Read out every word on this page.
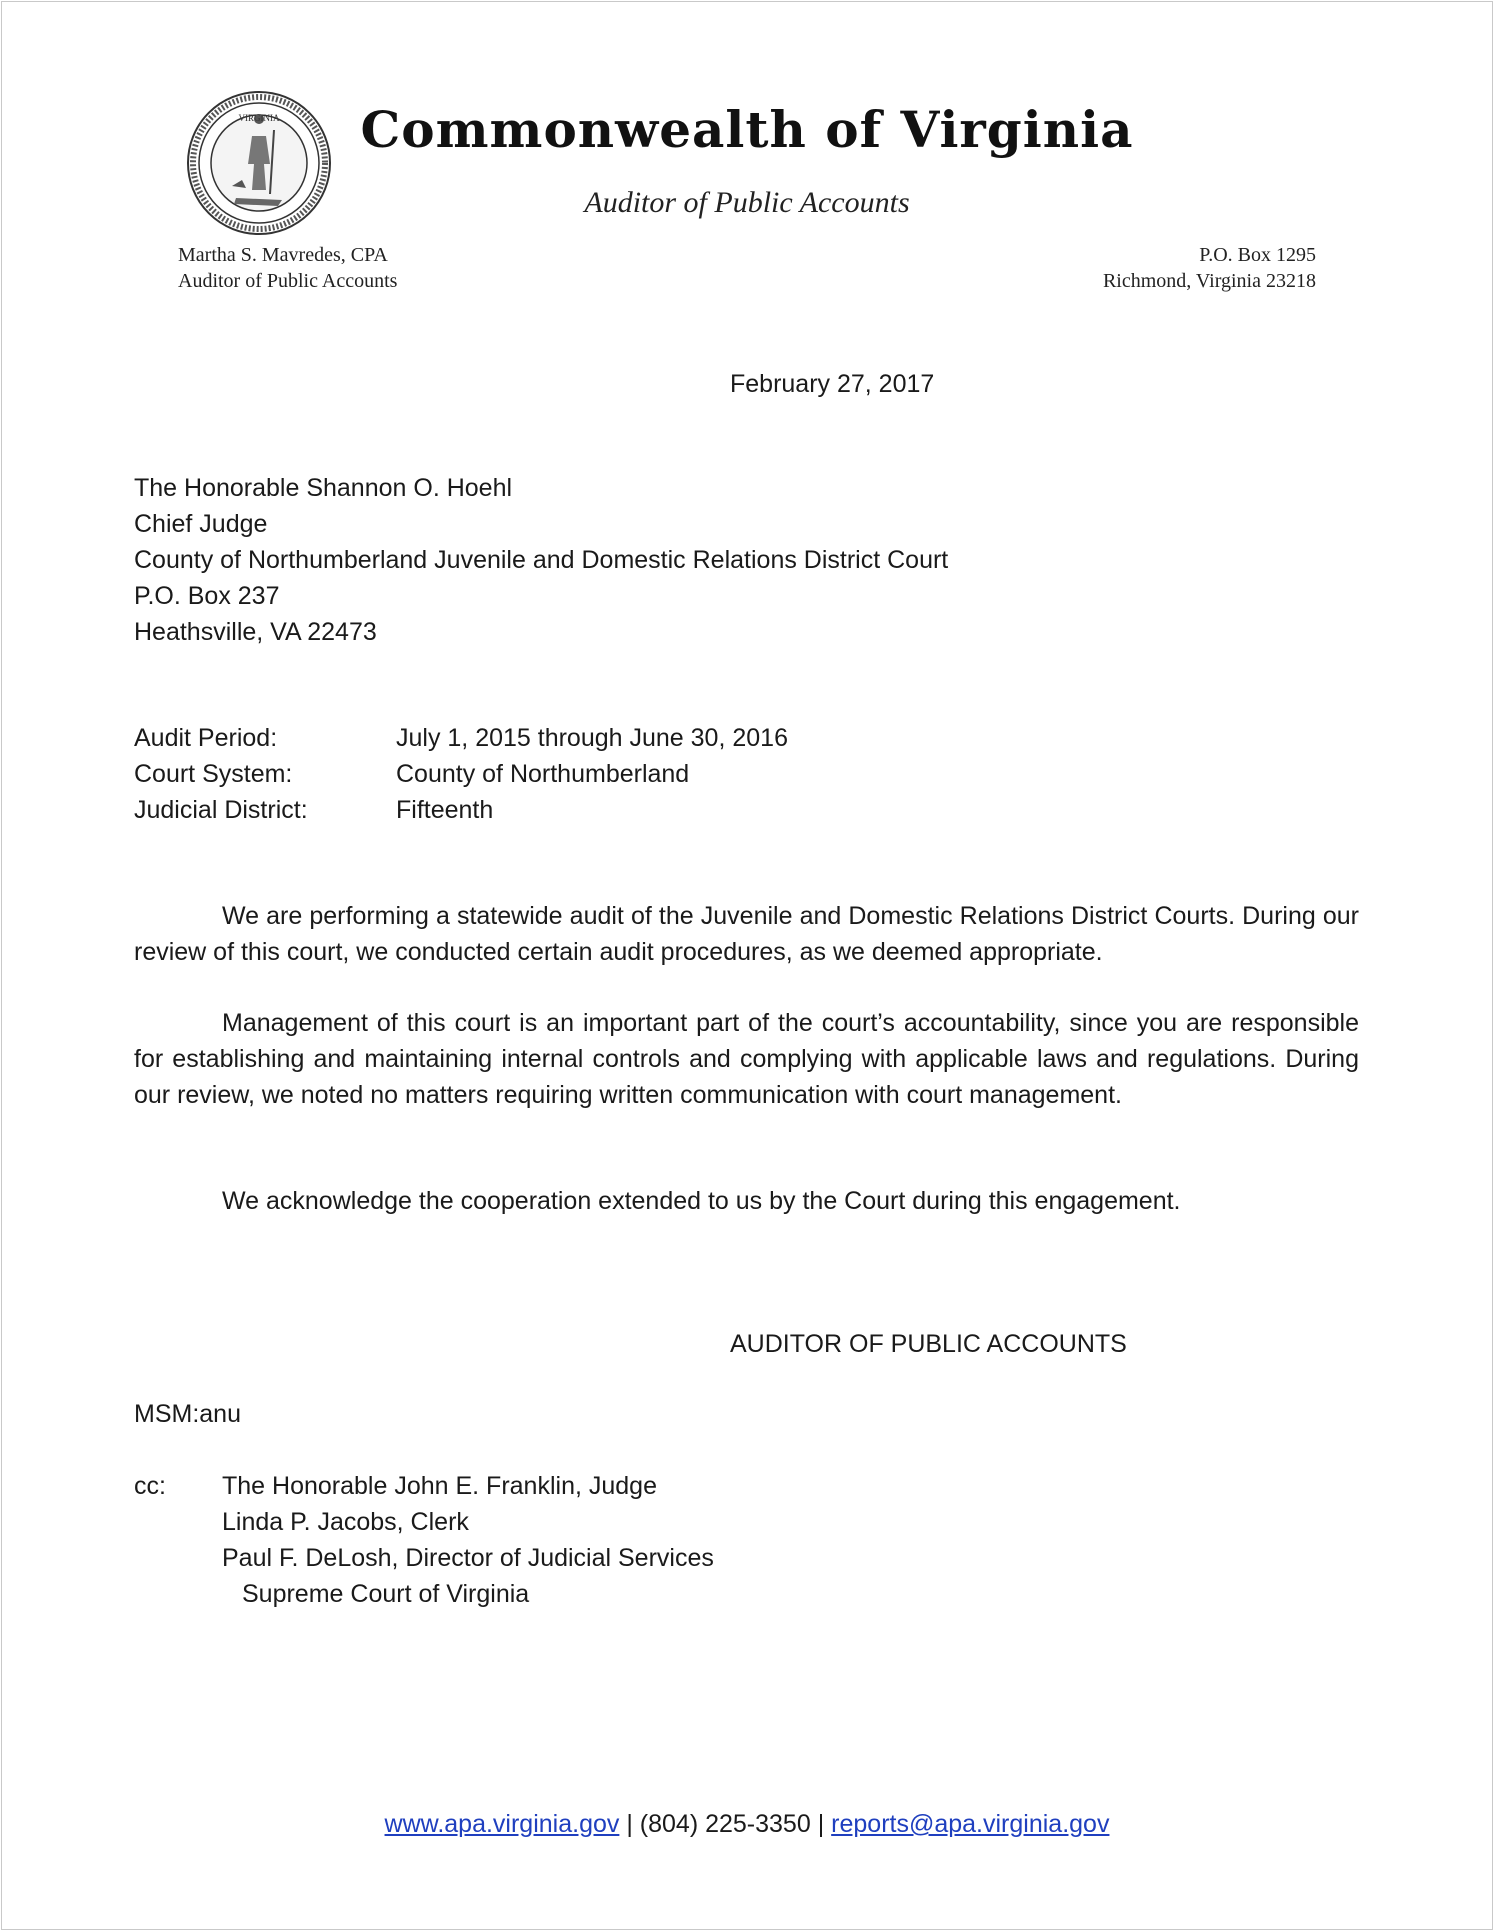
VIRGINIA	Commonwealth of Virginia
Auditor of Public Accounts
Martha S. Mavredes, CPA
Auditor of Public Accounts
P.O. Box 1295
Richmond, Virginia 23218
February 27, 2017
The Honorable Shannon O. Hoehl
Chief Judge
County of Northumberland Juvenile and Domestic Relations District Court
P.O. Box 237
Heathsville, VA 22473
Audit Period:	July 1, 2015 through June 30, 2016
Court System:	County of Northumberland
Judicial District:	Fifteenth

We are performing a statewide audit of the Juvenile and Domestic Relations District Courts. During our review of this court, we conducted certain audit procedures, as we deemed appropriate.

Management of this court is an important part of the court’s accountability, since you are responsible for establishing and maintaining internal controls and complying with applicable laws and regulations. During our review, we noted no matters requiring written communication with court management.

We acknowledge the cooperation extended to us by the Court during this engagement.

AUDITOR OF PUBLIC ACCOUNTS
MSM:anu
cc:	The Honorable John E. Franklin, Judge
Linda P. Jacobs, Clerk
Paul F. DeLosh, Director of Judicial Services
Supreme Court of Virginia
www.apa.virginia.gov | (804) 225-3350 | reports@apa.virginia.gov
